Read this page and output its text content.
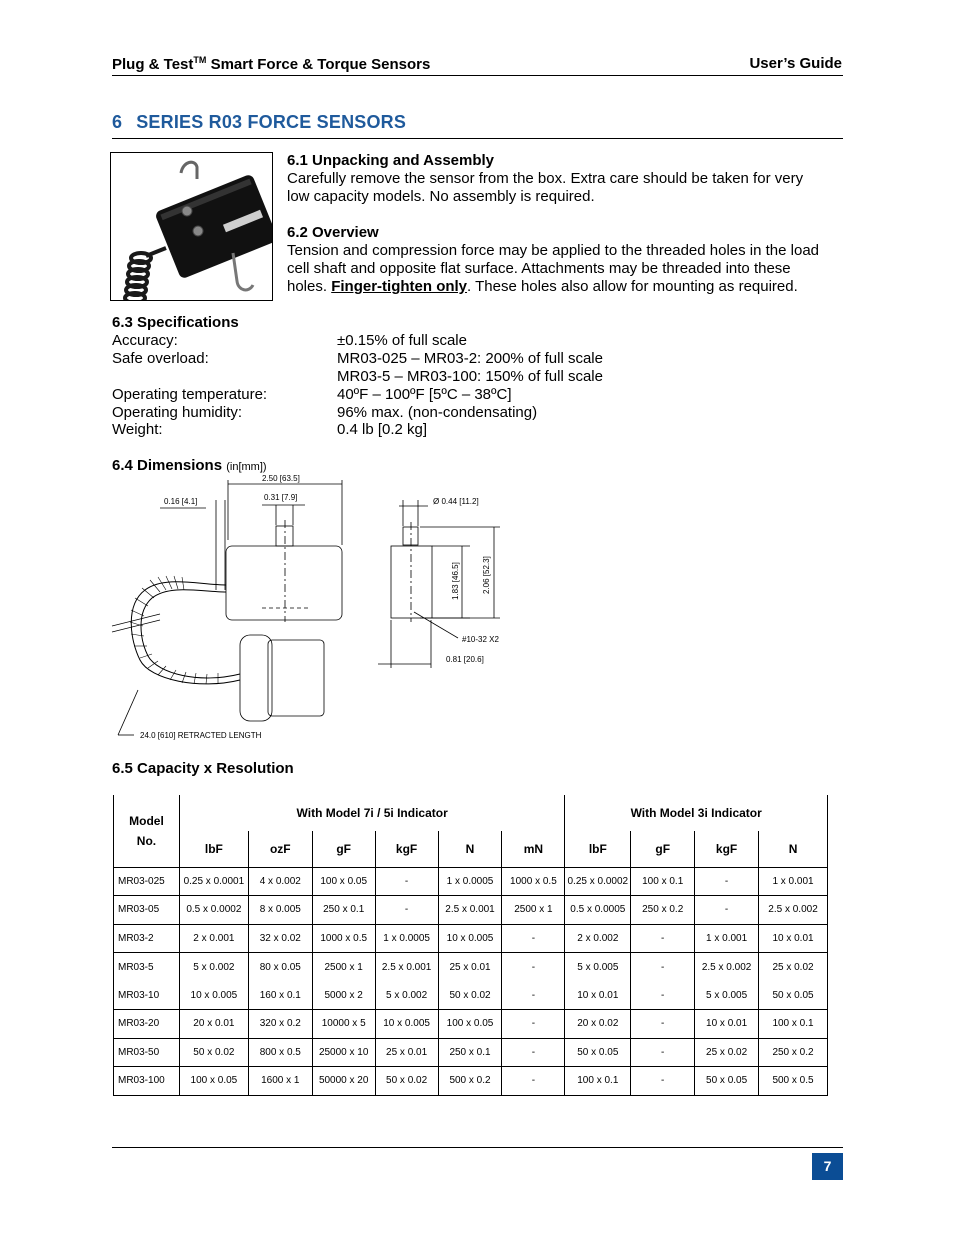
Plug & Test™ Smart Force & Torque Sensors	User’s Guide
6 SERIES R03 FORCE SENSORS
6.1 Unpacking and Assembly
Carefully remove the sensor from the box. Extra care should be taken for very
low capacity models. No assembly is required.
6.2 Overview
Tension and compression force may be applied to the threaded holes in the load
cell shaft and opposite flat surface. Attachments may be threaded into these
holes. Finger-tighten only. These holes also allow for mounting as required.
6.3 Specifications
Accuracy:	±0.15% of full scale
Safe overload:	MR03-025 – MR03-2: 200% of full scale
MR03-5 – MR03-100: 150% of full scale
Operating temperature:	40ºF – 100ºF [5ºC – 38ºC]
Operating humidity:	96% max. (non-condensating)
Weight:	0.4 lb [0.2 kg]
6.4 Dimensions (in[mm])
2.50 [63.5]
0.16 [4.1]	0.31 [7.9]	Ø 0.44 [11.2]
1.83 [46.5]	2.06 [52.3]
#10-32 X2
0.81 [20.6]
24.0 [610] RETRACTED LENGTH
6.5 Capacity x Resolution
Model
No.	With Model 7i / 5i Indicator						With Model 3i Indicator			
	lbF	ozF	gF	kgF	N	mN	lbF	gF	kgF	N
MR03-025	0.25 x 0.0001	4 x 0.002	100 x 0.05	-	1 x 0.0005	1000 x 0.5	0.25 x 0.0002	100 x 0.1	-	1 x 0.001
MR03-05	0.5 x 0.0002	8 x 0.005	250 x 0.1	-	2.5 x 0.001	2500 x 1	0.5 x 0.0005	250 x 0.2	-	2.5 x 0.002
MR03-2	2 x 0.001	32 x 0.02	1000 x 0.5	1 x 0.0005	10 x 0.005	-	2 x 0.002	-	1 x 0.001	10 x 0.01
MR03-5	5 x 0.002	80 x 0.05	2500 x 1	2.5 x 0.001	25 x 0.01	-	5 x 0.005	-	2.5 x 0.002	25 x 0.02
MR03-10	10 x 0.005	160 x 0.1	5000 x 2	5 x 0.002	50 x 0.02	-	10 x 0.01	-	5 x 0.005	50 x 0.05
MR03-20	20 x 0.01	320 x 0.2	10000 x 5	10 x 0.005	100 x 0.05	-	20 x 0.02	-	10 x 0.01	100 x 0.1
MR03-50	50 x 0.02	800 x 0.5	25000 x 10	25 x 0.01	250 x 0.1	-	50 x 0.05	-	25 x 0.02	250 x 0.2
MR03-100	100 x 0.05	1600 x 1	50000 x 20	50 x 0.02	500 x 0.2	-	100 x 0.1	-	50 x 0.05	500 x 0.5
7
